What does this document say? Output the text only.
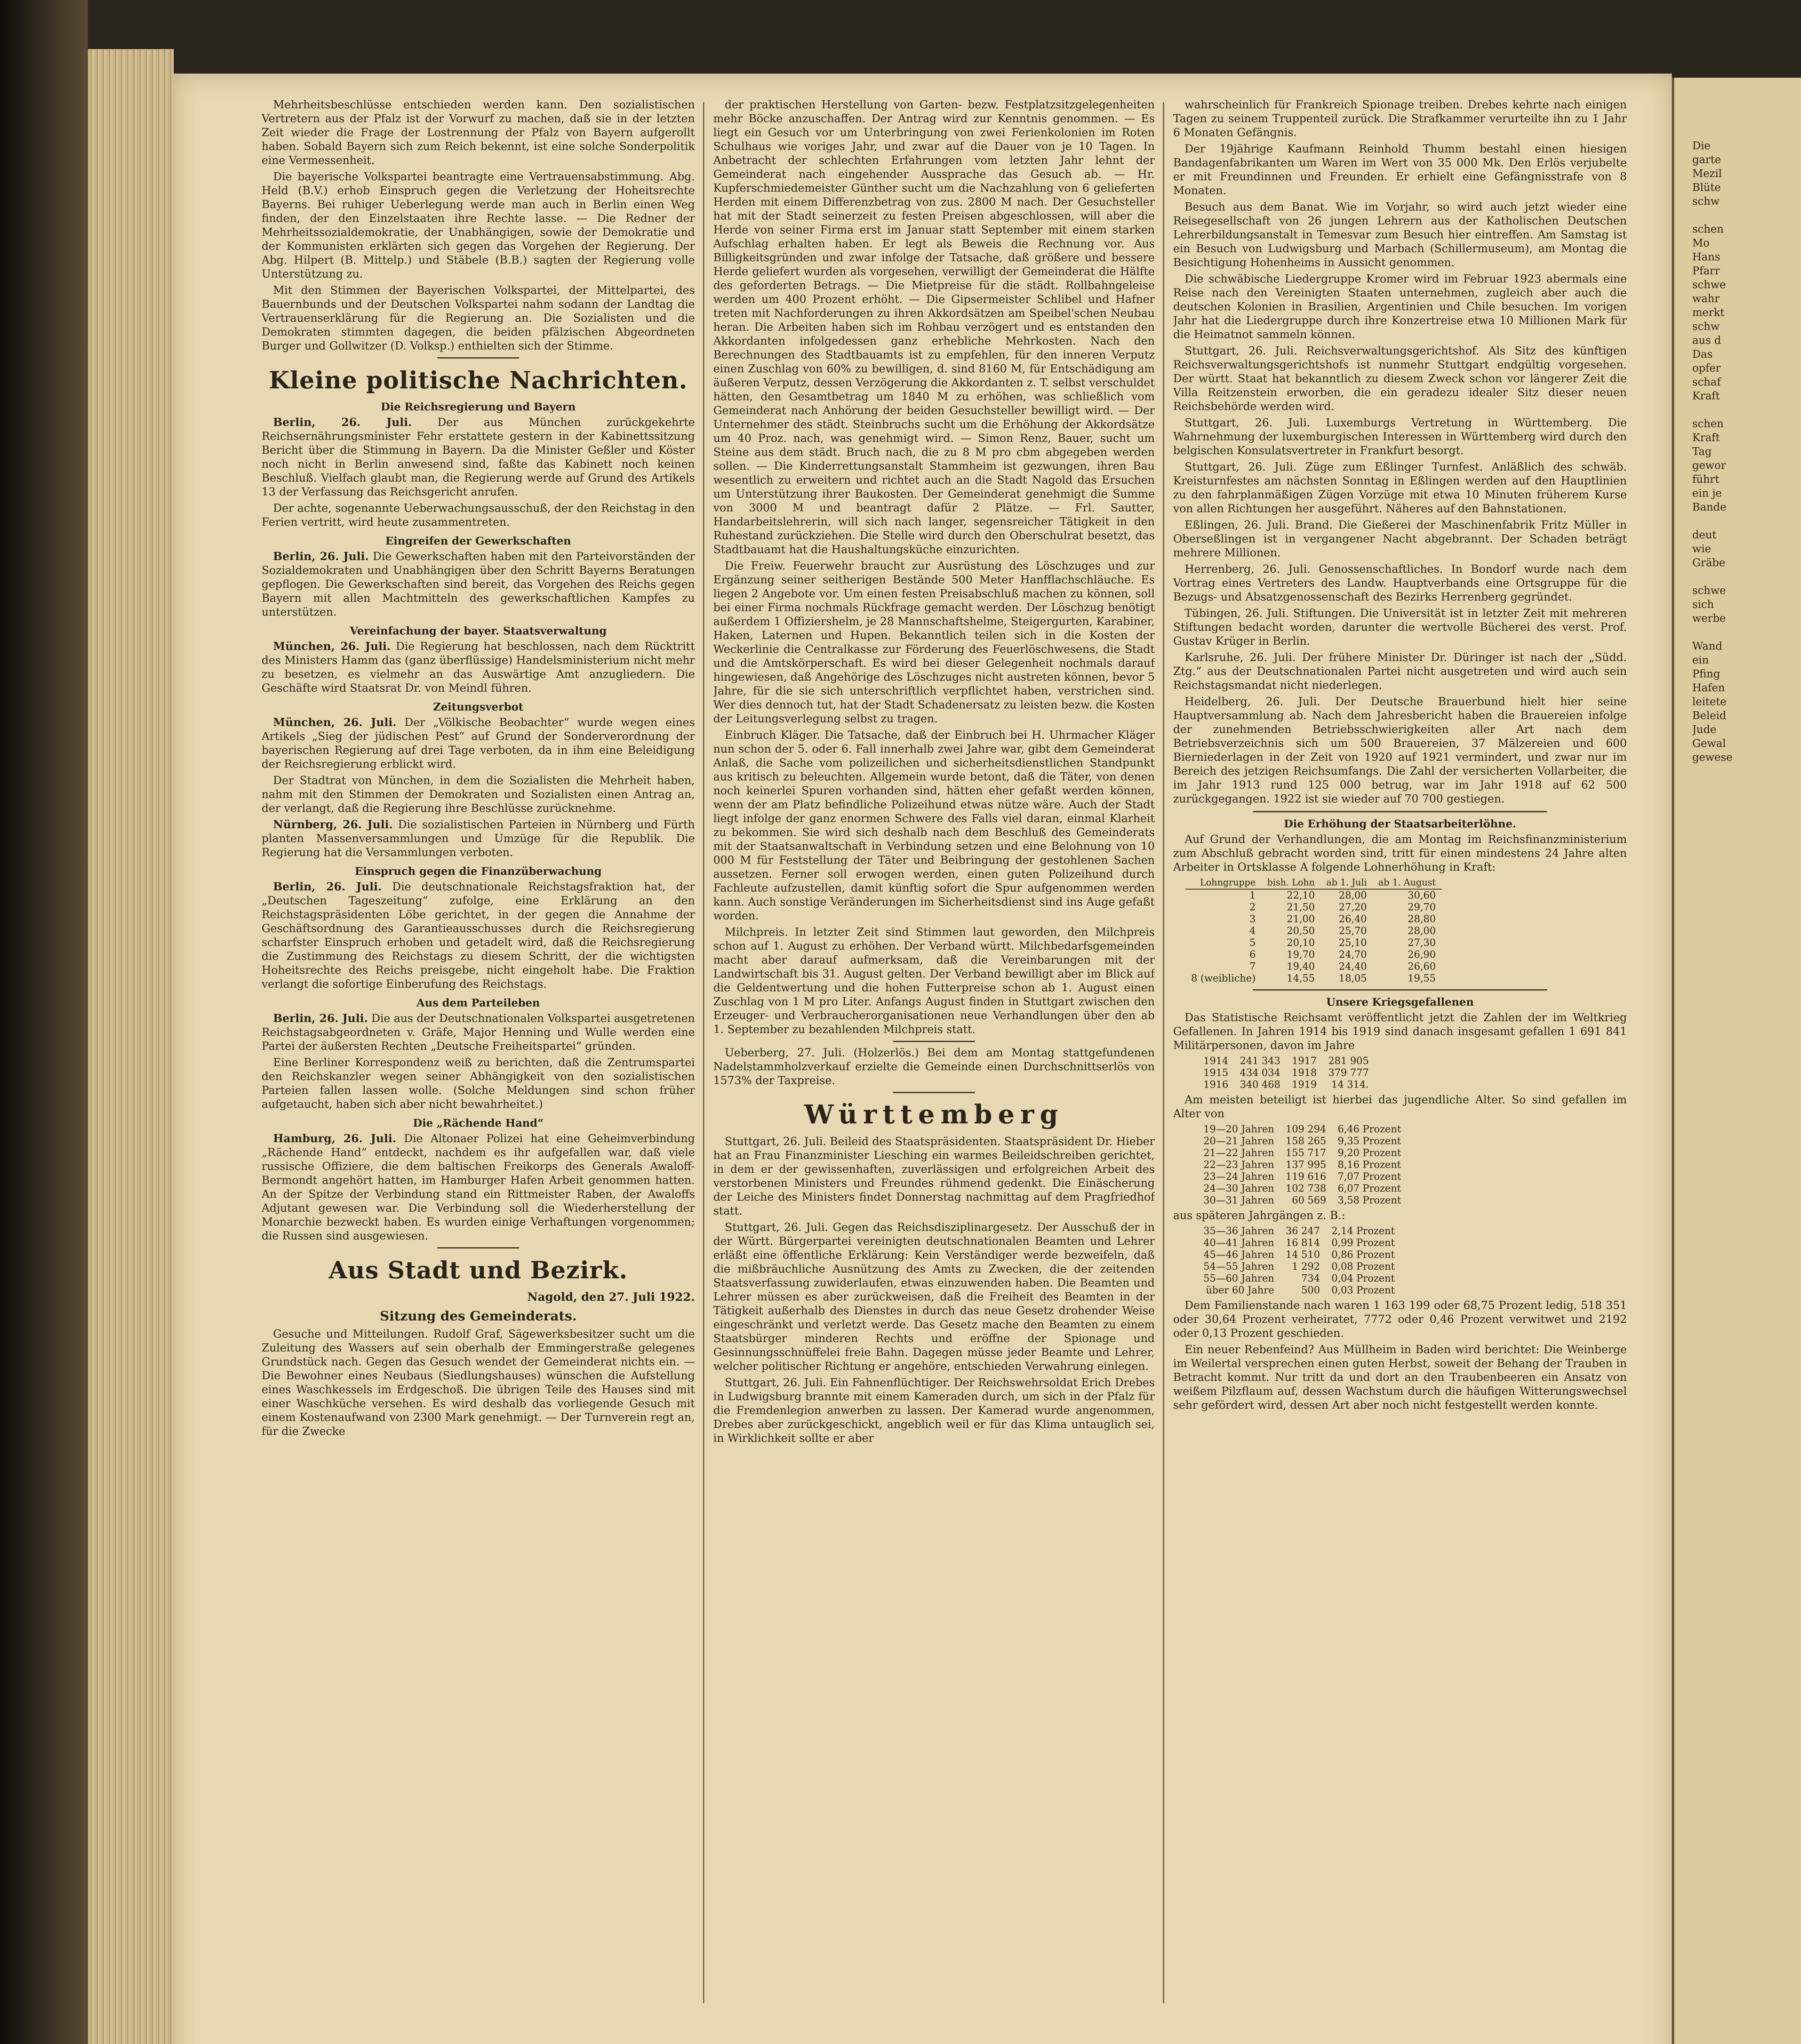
Die
garte
Mezil
Blüte
schw
schen
Mo
Hans
Pfarr
schwe
wahr
merkt
schw
aus d
Das
opfer
schaf
Kraft
schen
Kraft
Tag
gewor
führt
ein je
Bande
deut
wie
Gräbe
schwe
sich
werbe
Wand
ein
Pfing
Hafen
leitete
Beleid
Jude
Gewal
gewese

Mehrheitsbeschlüsse entschieden werden kann. Den sozialistischen Vertretern aus der Pfalz ist der Vorwurf zu machen, daß sie in der letzten Zeit wieder die Frage der Lostrennung der Pfalz von Bayern aufgerollt haben. Sobald Bayern sich zum Reich bekennt, ist eine solche Sonderpolitik eine Vermessenheit.

Die bayerische Volkspartei beantragte eine Vertrauensabstimmung. Abg. Held (B.V.) erhob Einspruch gegen die Verletzung der Hoheitsrechte Bayerns. Bei ruhiger Ueberlegung werde man auch in Berlin einen Weg finden, der den Einzelstaaten ihre Rechte lasse. — Die Redner der Mehrheitssozialdemokratie, der Unabhängigen, sowie der Demokratie und der Kommunisten erklärten sich gegen das Vorgehen der Regierung. Der Abg. Hilpert (B. Mittelp.) und Stäbele (B.B.) sagten der Regierung volle Unterstützung zu.

Mit den Stimmen der Bayerischen Volkspartei, der Mittelpartei, des Bauernbunds und der Deutschen Volkspartei nahm sodann der Landtag die Vertrauenserklärung für die Regierung an. Die Sozialisten und die Demokraten stimmten dagegen, die beiden pfälzischen Abgeordneten Burger und Gollwitzer (D. Volksp.) enthielten sich der Stimme.

Kleine politische Nachrichten.
Die Reichsregierung und Bayern

Berlin, 26. Juli. Der aus München zurückgekehrte Reichsernährungsminister Fehr erstattete gestern in der Kabinettssitzung Bericht über die Stimmung in Bayern. Da die Minister Geßler und Köster noch nicht in Berlin anwesend sind, faßte das Kabinett noch keinen Beschluß. Vielfach glaubt man, die Regierung werde auf Grund des Artikels 13 der Verfassung das Reichsgericht anrufen.

Der achte, sogenannte Ueberwachungsausschuß, der den Reichstag in den Ferien vertritt, wird heute zusammentreten.

Eingreifen der Gewerkschaften

Berlin, 26. Juli. Die Gewerkschaften haben mit den Parteivorständen der Sozialdemokraten und Unabhängigen über den Schritt Bayerns Beratungen gepflogen. Die Gewerkschaften sind bereit, das Vorgehen des Reichs gegen Bayern mit allen Machtmitteln des gewerkschaftlichen Kampfes zu unterstützen.

Vereinfachung der bayer. Staatsverwaltung

München, 26. Juli. Die Regierung hat beschlossen, nach dem Rücktritt des Ministers Hamm das (ganz überflüssige) Handelsministerium nicht mehr zu besetzen, es vielmehr an das Auswärtige Amt anzugliedern. Die Geschäfte wird Staatsrat Dr. von Meindl führen.

Zeitungsverbot

München, 26. Juli. Der „Völkische Beobachter“ wurde wegen eines Artikels „Sieg der jüdischen Pest“ auf Grund der Sonderverordnung der bayerischen Regierung auf drei Tage verboten, da in ihm eine Beleidigung der Reichsregierung erblickt wird.

Der Stadtrat von München, in dem die Sozialisten die Mehrheit haben, nahm mit den Stimmen der Demokraten und Sozialisten einen Antrag an, der verlangt, daß die Regierung ihre Beschlüsse zurücknehme.

Nürnberg, 26. Juli. Die sozialistischen Parteien in Nürnberg und Fürth planten Massenversammlungen und Umzüge für die Republik. Die Regierung hat die Versammlungen verboten.

Einspruch gegen die Finanzüberwachung

Berlin, 26. Juli. Die deutschnationale Reichstagsfraktion hat, der „Deutschen Tageszeitung“ zufolge, eine Erklärung an den Reichstagspräsidenten Löbe gerichtet, in der gegen die Annahme der Geschäftsordnung des Garantieausschusses durch die Reichsregierung scharfster Einspruch erhoben und getadelt wird, daß die Reichsregierung die Zustimmung des Reichstags zu diesem Schritt, der die wichtigsten Hoheitsrechte des Reichs preisgebe, nicht eingeholt habe. Die Fraktion verlangt die sofortige Einberufung des Reichstags.

Aus dem Parteileben

Berlin, 26. Juli. Die aus der Deutschnationalen Volkspartei ausgetretenen Reichstagsabgeordneten v. Gräfe, Major Henning und Wulle werden eine Partei der äußersten Rechten „Deutsche Freiheitspartei“ gründen.

Eine Berliner Korrespondenz weiß zu berichten, daß die Zentrumspartei den Reichskanzler wegen seiner Abhängigkeit von den sozialistischen Parteien fallen lassen wolle. (Solche Meldungen sind schon früher aufgetaucht, haben sich aber nicht bewahrheitet.)

Die „Rächende Hand“

Hamburg, 26. Juli. Die Altonaer Polizei hat eine Geheimverbindung „Rächende Hand“ entdeckt, nachdem es ihr aufgefallen war, daß viele russische Offiziere, die dem baltischen Freikorps des Generals Awaloff-Bermondt angehört hatten, im Hamburger Hafen Arbeit genommen hatten. An der Spitze der Verbindung stand ein Rittmeister Raben, der Awaloffs Adjutant gewesen war. Die Verbindung soll die Wiederherstellung der Monarchie bezweckt haben. Es wurden einige Verhaftungen vorgenommen; die Russen sind ausgewiesen.

Aus Stadt und Bezirk.
Nagold, den 27. Juli 1922.
Sitzung des Gemeinderats.

Gesuche und Mitteilungen. Rudolf Graf, Sägewerksbesitzer sucht um die Zuleitung des Wassers auf sein oberhalb der Emmingerstraße gelegenes Grundstück nach. Gegen das Gesuch wendet der Gemeinderat nichts ein. — Die Bewohner eines Neubaus (Siedlungshauses) wünschen die Aufstellung eines Waschkessels im Erdgeschoß. Die übrigen Teile des Hauses sind mit einer Waschküche versehen. Es wird deshalb das vorliegende Gesuch mit einem Kostenaufwand von 2300 Mark genehmigt. — Der Turnverein regt an, für die Zwecke

der praktischen Herstellung von Garten- bezw. Festplatzsitzgelegenheiten mehr Böcke anzuschaffen. Der Antrag wird zur Kenntnis genommen. — Es liegt ein Gesuch vor um Unterbringung von zwei Ferienkolonien im Roten Schulhaus wie voriges Jahr, und zwar auf die Dauer von je 10 Tagen. In Anbetracht der schlechten Erfahrungen vom letzten Jahr lehnt der Gemeinderat nach eingehender Aussprache das Gesuch ab. — Hr. Kupferschmiedemeister Günther sucht um die Nachzahlung von 6 gelieferten Herden mit einem Differenzbetrag von zus. 2800 M nach. Der Gesuchsteller hat mit der Stadt seinerzeit zu festen Preisen abgeschlossen, will aber die Herde von seiner Firma erst im Januar statt September mit einem starken Aufschlag erhalten haben. Er legt als Beweis die Rechnung vor. Aus Billigkeitsgründen und zwar infolge der Tatsache, daß größere und bessere Herde geliefert wurden als vorgesehen, verwilligt der Gemeinderat die Hälfte des geforderten Betrags. — Die Mietpreise für die städt. Rollbahngeleise werden um 400 Prozent erhöht. — Die Gipsermeister Schlibel und Hafner treten mit Nachforderungen zu ihren Akkordsätzen am Speibel'schen Neubau heran. Die Arbeiten haben sich im Rohbau verzögert und es entstanden den Akkordanten infolgedessen ganz erhebliche Mehrkosten. Nach den Berechnungen des Stadtbauamts ist zu empfehlen, für den inneren Verputz einen Zuschlag von 60% zu bewilligen, d. sind 8160 M, für Entschädigung am äußeren Verputz, dessen Verzögerung die Akkordanten z. T. selbst verschuldet hätten, den Gesamtbetrag um 1840 M zu erhöhen, was schließlich vom Gemeinderat nach Anhörung der beiden Gesuchsteller bewilligt wird. — Der Unternehmer des städt. Steinbruchs sucht um die Erhöhung der Akkordsätze um 40 Proz. nach, was genehmigt wird. — Simon Renz, Bauer, sucht um Steine aus dem städt. Bruch nach, die zu 8 M pro cbm abgegeben werden sollen. — Die Kinderrettungsanstalt Stammheim ist gezwungen, ihren Bau wesentlich zu erweitern und richtet auch an die Stadt Nagold das Ersuchen um Unterstützung ihrer Baukosten. Der Gemeinderat genehmigt die Summe von 3000 M und beantragt dafür 2 Plätze. — Frl. Sautter, Handarbeitslehrerin, will sich nach langer, segensreicher Tätigkeit in den Ruhestand zurückziehen. Die Stelle wird durch den Oberschulrat besetzt, das Stadtbauamt hat die Haushaltungsküche einzurichten.

Die Freiw. Feuerwehr braucht zur Ausrüstung des Löschzuges und zur Ergänzung seiner seitherigen Bestände 500 Meter Hanfflachschläuche. Es liegen 2 Angebote vor. Um einen festen Preisabschluß machen zu können, soll bei einer Firma nochmals Rückfrage gemacht werden. Der Löschzug benötigt außerdem 1 Offiziershelm, je 28 Mannschaftshelme, Steigergurten, Karabiner, Haken, Laternen und Hupen. Bekanntlich teilen sich in die Kosten der Weckerlinie die Centralkasse zur Förderung des Feuerlöschwesens, die Stadt und die Amtskörperschaft. Es wird bei dieser Gelegenheit nochmals darauf hingewiesen, daß Angehörige des Löschzuges nicht austreten können, bevor 5 Jahre, für die sie sich unterschriftlich verpflichtet haben, verstrichen sind. Wer dies dennoch tut, hat der Stadt Schadenersatz zu leisten bezw. die Kosten der Leitungsverlegung selbst zu tragen.

Einbruch Kläger. Die Tatsache, daß der Einbruch bei H. Uhrmacher Kläger nun schon der 5. oder 6. Fall innerhalb zwei Jahre war, gibt dem Gemeinderat Anlaß, die Sache vom polizeilichen und sicherheitsdienstlichen Standpunkt aus kritisch zu beleuchten. Allgemein wurde betont, daß die Täter, von denen noch keinerlei Spuren vorhanden sind, hätten eher gefaßt werden können, wenn der am Platz befindliche Polizeihund etwas nütze wäre. Auch der Stadt liegt infolge der ganz enormen Schwere des Falls viel daran, einmal Klarheit zu bekommen. Sie wird sich deshalb nach dem Beschluß des Gemeinderats mit der Staatsanwaltschaft in Verbindung setzen und eine Belohnung von 10 000 M für Feststellung der Täter und Beibringung der gestohlenen Sachen aussetzen. Ferner soll erwogen werden, einen guten Polizeihund durch Fachleute aufzustellen, damit künftig sofort die Spur aufgenommen werden kann. Auch sonstige Veränderungen im Sicherheitsdienst sind ins Auge gefaßt worden.

Milchpreis. In letzter Zeit sind Stimmen laut geworden, den Milchpreis schon auf 1. August zu erhöhen. Der Verband württ. Milchbedarfsgemeinden macht aber darauf aufmerksam, daß die Vereinbarungen mit der Landwirtschaft bis 31. August gelten. Der Verband bewilligt aber im Blick auf die Geldentwertung und die hohen Futterpreise schon ab 1. August einen Zuschlag von 1 M pro Liter. Anfangs August finden in Stuttgart zwischen den Erzeuger- und Verbraucherorganisationen neue Verhandlungen über den ab 1. September zu bezahlenden Milchpreis statt.

Ueberberg, 27. Juli. (Holzerlös.) Bei dem am Montag stattgefundenen Nadelstammholzverkauf erzielte die Gemeinde einen Durchschnittserlös von 1573% der Taxpreise.

Württemberg

Stuttgart, 26. Juli. Beileid des Staatspräsidenten. Staatspräsident Dr. Hieber hat an Frau Finanzminister Liesching ein warmes Beileidschreiben gerichtet, in dem er der gewissenhaften, zuverlässigen und erfolgreichen Arbeit des verstorbenen Ministers und Freundes rühmend gedenkt. Die Einäscherung der Leiche des Ministers findet Donnerstag nachmittag auf dem Pragfriedhof statt.

Stuttgart, 26. Juli. Gegen das Reichsdisziplinargesetz. Der Ausschuß der in der Württ. Bürgerpartei vereinigten deutschnationalen Beamten und Lehrer erläßt eine öffentliche Erklärung: Kein Verständiger werde bezweifeln, daß die mißbräuchliche Ausnützung des Amts zu Zwecken, die der zeitenden Staatsverfassung zuwiderlaufen, etwas einzuwenden haben. Die Beamten und Lehrer müssen es aber zurückweisen, daß die Freiheit des Beamten in der Tätigkeit außerhalb des Dienstes in durch das neue Gesetz drohender Weise eingeschränkt und verletzt werde. Das Gesetz mache den Beamten zu einem Staatsbürger minderen Rechts und eröffne der Spionage und Gesinnungsschnüffelei freie Bahn. Dagegen müsse jeder Beamte und Lehrer, welcher politischer Richtung er angehöre, entschieden Verwahrung einlegen.

Stuttgart, 26. Juli. Ein Fahnenflüchtiger. Der Reichswehrsoldat Erich Drebes in Ludwigsburg brannte mit einem Kameraden durch, um sich in der Pfalz für die Fremdenlegion anwerben zu lassen. Der Kamerad wurde angenommen, Drebes aber zurückgeschickt, angeblich weil er für das Klima untauglich sei, in Wirklichkeit sollte er aber

wahrscheinlich für Frankreich Spionage treiben. Drebes kehrte nach einigen Tagen zu seinem Truppenteil zurück. Die Strafkammer verurteilte ihn zu 1 Jahr 6 Monaten Gefängnis.

Der 19jährige Kaufmann Reinhold Thumm bestahl einen hiesigen Bandagenfabrikanten um Waren im Wert von 35 000 Mk. Den Erlös verjubelte er mit Freundinnen und Freunden. Er erhielt eine Gefängnisstrafe von 8 Monaten.

Besuch aus dem Banat. Wie im Vorjahr, so wird auch jetzt wieder eine Reisegesellschaft von 26 jungen Lehrern aus der Katholischen Deutschen Lehrerbildungsanstalt in Temesvar zum Besuch hier eintreffen. Am Samstag ist ein Besuch von Ludwigsburg und Marbach (Schillermuseum), am Montag die Besichtigung Hohenheims in Aussicht genommen.

Die schwäbische Liedergruppe Kromer wird im Februar 1923 abermals eine Reise nach den Vereinigten Staaten unternehmen, zugleich aber auch die deutschen Kolonien in Brasilien, Argentinien und Chile besuchen. Im vorigen Jahr hat die Liedergruppe durch ihre Konzertreise etwa 10 Millionen Mark für die Heimatnot sammeln können.

Stuttgart, 26. Juli. Reichsverwaltungsgerichtshof. Als Sitz des künftigen Reichsverwaltungsgerichtshofs ist nunmehr Stuttgart endgültig vorgesehen. Der württ. Staat hat bekanntlich zu diesem Zweck schon vor längerer Zeit die Villa Reitzenstein erworben, die ein geradezu idealer Sitz dieser neuen Reichsbehörde werden wird.

Stuttgart, 26. Juli. Luxemburgs Vertretung in Württemberg. Die Wahrnehmung der luxemburgischen Interessen in Württemberg wird durch den belgischen Konsulatsvertreter in Frankfurt besorgt.

Stuttgart, 26. Juli. Züge zum Eßlinger Turnfest. Anläßlich des schwäb. Kreisturnfestes am nächsten Sonntag in Eßlingen werden auf den Hauptlinien zu den fahrplanmäßigen Zügen Vorzüge mit etwa 10 Minuten früherem Kurse von allen Richtungen her ausgeführt. Näheres auf den Bahnstationen.

Eßlingen, 26. Juli. Brand. Die Gießerei der Maschinenfabrik Fritz Müller in Oberseßlingen ist in vergangener Nacht abgebrannt. Der Schaden beträgt mehrere Millionen.

Herrenberg, 26. Juli. Genossenschaftliches. In Bondorf wurde nach dem Vortrag eines Vertreters des Landw. Hauptverbands eine Ortsgruppe für die Bezugs- und Absatzgenossenschaft des Bezirks Herrenberg gegründet.

Tübingen, 26. Juli. Stiftungen. Die Universität ist in letzter Zeit mit mehreren Stiftungen bedacht worden, darunter die wertvolle Bücherei des verst. Prof. Gustav Krüger in Berlin.

Karlsruhe, 26. Juli. Der frühere Minister Dr. Düringer ist nach der „Südd. Ztg.“ aus der Deutschnationalen Partei nicht ausgetreten und wird auch sein Reichstagsmandat nicht niederlegen.

Heidelberg, 26. Juli. Der Deutsche Brauerbund hielt hier seine Hauptversammlung ab. Nach dem Jahresbericht haben die Brauereien infolge der zunehmenden Betriebsschwierigkeiten aller Art nach dem Betriebsverzeichnis sich um 500 Brauereien, 37 Mälzereien und 600 Bierniederlagen in der Zeit von 1920 auf 1921 vermindert, und zwar nur im Bereich des jetzigen Reichsumfangs. Die Zahl der versicherten Vollarbeiter, die im Jahr 1913 rund 125 000 betrug, war im Jahr 1918 auf 62 500 zurückgegangen. 1922 ist sie wieder auf 70 700 gestiegen.

Die Erhöhung der Staatsarbeiterlöhne.

Auf Grund der Verhandlungen, die am Montag im Reichsfinanzministerium zum Abschluß gebracht worden sind, tritt für einen mindestens 24 Jahre alten Arbeiter in Ortsklasse A folgende Lohnerhöhung in Kraft:

Lohngruppe	bish. Lohn	ab 1. Juli	ab 1. August
1	22,10	28,00	30,60
2	21,50	27,20	29,70
3	21,00	26,40	28,80
4	20,50	25,70	28,00
5	20,10	25,10	27,30
6	19,70	24,70	26,90
7	19,40	24,40	26,60
8 (weibliche)	14,55	18,05	19,55
Unsere Kriegsgefallenen

Das Statistische Reichsamt veröffentlicht jetzt die Zahlen der im Weltkrieg Gefallenen. In Jahren 1914 bis 1919 sind danach insgesamt gefallen 1 691 841 Militärpersonen, davon im Jahre

1914	241 343	1917	281 905
1915	434 034	1918	379 777
1916	340 468	1919	14 314.

Am meisten beteiligt ist hierbei das jugendliche Alter. So sind gefallen im Alter von

19—20 Jahren	109 294	6,46 Prozent
20—21 Jahren	158 265	9,35 Prozent
21—22 Jahren	155 717	9,20 Prozent
22—23 Jahren	137 995	8,16 Prozent
23—24 Jahren	119 616	7,07 Prozent
24—30 Jahren	102 738	6,07 Prozent
30—31 Jahren	60 569	3,58 Prozent

aus späteren Jahrgängen z. B.:

35—36 Jahren	36 247	2,14 Prozent
40—41 Jahren	16 814	0,99 Prozent
45—46 Jahren	14 510	0,86 Prozent
54—55 Jahren	1 292	0,08 Prozent
55—60 Jahren	734	0,04 Prozent
über 60 Jahre	500	0,03 Prozent

Dem Familienstande nach waren 1 163 199 oder 68,75 Prozent ledig, 518 351 oder 30,64 Prozent verheiratet, 7772 oder 0,46 Prozent verwitwet und 2192 oder 0,13 Prozent geschieden.

Ein neuer Rebenfeind? Aus Müllheim in Baden wird berichtet: Die Weinberge im Weilertal versprechen einen guten Herbst, soweit der Behang der Trauben in Betracht kommt. Nur tritt da und dort an den Traubenbeeren ein Ansatz von weißem Pilzflaum auf, dessen Wachstum durch die häufigen Witterungswechsel sehr gefördert wird, dessen Art aber noch nicht festgestellt werden konnte.
